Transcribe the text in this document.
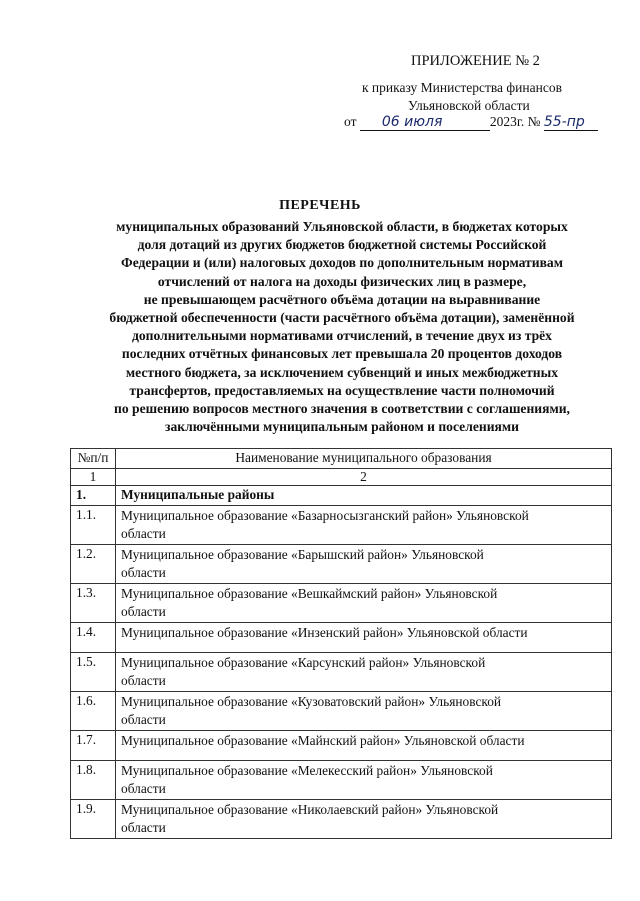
ПРИЛОЖЕНИЕ № 2
к приказу Министерства финансов
Ульяновской области
от 06 июля	2023г. № 55-пр
ПЕРЕЧЕНЬ
муниципальных образований Ульяновской области, в бюджетах которых
доля дотаций из других бюджетов бюджетной системы Российской
Федерации и (или) налоговых доходов по дополнительным нормативам
отчислений от налога на доходы физических лиц в размере,
не превышающем расчётного объёма дотации на выравнивание
бюджетной обеспеченности (части расчётного объёма дотации), заменённой
дополнительными нормативами отчислений, в течение двух из трёх
последних отчётных финансовых лет превышала 20 процентов доходов
местного бюджета, за исключением субвенций и иных межбюджетных
трансфертов, предоставляемых на осуществление части полномочий
по решению вопросов местного значения в соответствии с соглашениями,
заключёнными муниципальным районом и поселениями
№п/п	Наименование муниципального образования
1	2
1.	Муниципальные районы
1.1.	Муниципальное образование «Базарносызганский район» Ульяновской
области

1.2.	Муниципальное образование «Барышский район» Ульяновской
области

1.3.	Муниципальное образование «Вешкаймский район» Ульяновской
области

1.4.	Муниципальное образование «Инзенский район» Ульяновской области

1.5.	Муниципальное образование «Карсунский район» Ульяновской
области

1.6.	Муниципальное образование «Кузоватовский район» Ульяновской
области

1.7.	Муниципальное образование «Майнский район» Ульяновской области

1.8.	Муниципальное образование «Мелекесский район» Ульяновской
области

1.9.	Муниципальное образование «Николаевский район» Ульяновской
области
